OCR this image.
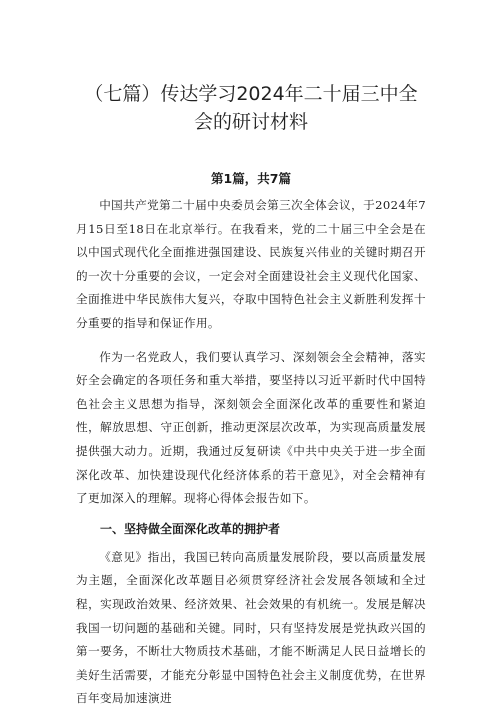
（七篇）传达学习2024年二十届三中全会的研讨材料
第1篇，共7篇

中国共产党第二十届中央委员会第三次全体会议，于2024年7月15日至18日在北京举行。在我看来，党的二十届三中全会是在以中国式现代化全面推进强国建设、民族复兴伟业的关键时期召开的一次十分重要的会议，一定会对全面建设社会主义现代化国家、全面推进中华民族伟大复兴，夺取中国特色社会主义新胜利发挥十分重要的指导和保证作用。

作为一名党政人，我们要认真学习、深刻领会全会精神，落实好全会确定的各项任务和重大举措，要坚持以习近平新时代中国特色社会主义思想为指导，深刻领会全面深化改革的重要性和紧迫性，解放思想、守正创新，推动更深层次改革，为实现高质量发展提供强大动力。近期，我通过反复研读《中共中央关于进一步全面深化改革、加快建设现代化经济体系的若干意见》，对全会精神有了更加深入的理解。现将心得体会报告如下。

一、坚持做全面深化改革的拥护者

《意见》指出，我国已转向高质量发展阶段，要以高质量发展为主题，全面深化改革题目必须贯穿经济社会发展各领域和全过程，实现政治效果、经济效果、社会效果的有机统一。发展是解决我国一切问题的基础和关键。同时，只有坚持发展是党执政兴国的第一要务，不断壮大物质技术基础，才能不断满足人民日益增长的美好生活需要，才能充分彰显中国特色社会主义制度优势，在世界百年变局加速演进
